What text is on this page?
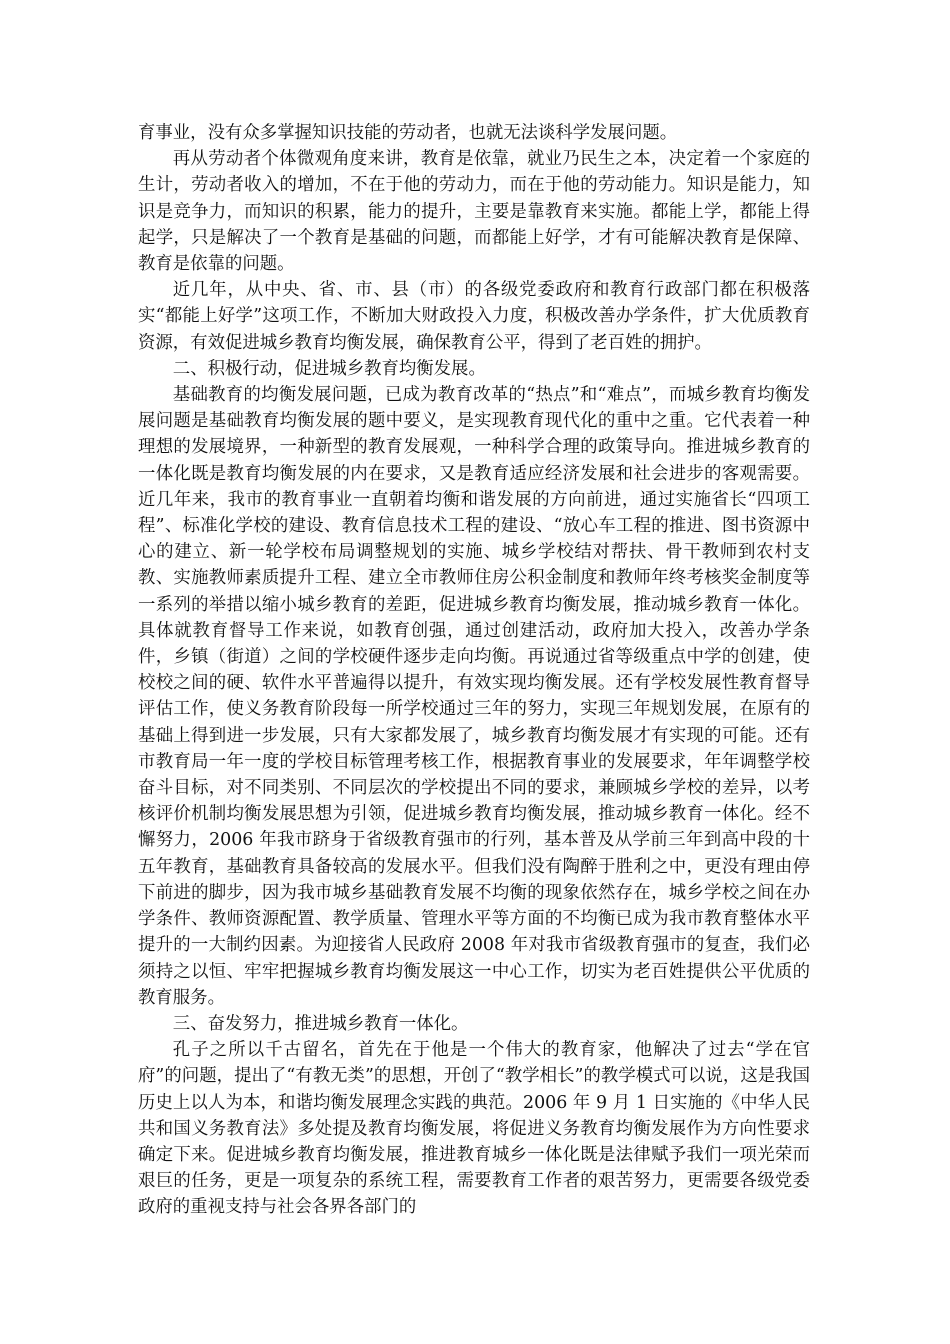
育事业，没有众多掌握知识技能的劳动者，也就无法谈科学发展问题。

再从劳动者个体微观角度来讲，教育是依靠，就业乃民生之本，决定着一个家庭的生计，劳动者收入的增加，不在于他的劳动力，而在于他的劳动能力。知识是能力，知识是竞争力，而知识的积累，能力的提升，主要是靠教育来实施。都能上学，都能上得起学，只是解决了一个教育是基础的问题，而都能上好学，才有可能解决教育是保障、教育是依靠的问题。

近几年，从中央、省、市、县（市）的各级党委政府和教育行政部门都在积极落实“都能上好学”这项工作，不断加大财政投入力度，积极改善办学条件，扩大优质教育资源，有效促进城乡教育均衡发展，确保教育公平，得到了老百姓的拥护。

二、积极行动，促进城乡教育均衡发展。

基础教育的均衡发展问题，已成为教育改革的“热点”和“难点”，而城乡教育均衡发展问题是基础教育均衡发展的题中要义，是实现教育现代化的重中之重。它代表着一种理想的发展境界，一种新型的教育发展观，一种科学合理的政策导向。推进城乡教育的一体化既是教育均衡发展的内在要求，又是教育适应经济发展和社会进步的客观需要。近几年来，我市的教育事业一直朝着均衡和谐发展的方向前进，通过实施省长“四项工程”、标准化学校的建设、教育信息技术工程的建设、“放心车工程的推进、图书资源中心的建立、新一轮学校布局调整规划的实施、城乡学校结对帮扶、骨干教师到农村支教、实施教师素质提升工程、建立全市教师住房公积金制度和教师年终考核奖金制度等一系列的举措以缩小城乡教育的差距，促进城乡教育均衡发展，推动城乡教育一体化。具体就教育督导工作来说，如教育创强，通过创建活动，政府加大投入，改善办学条件，乡镇（街道）之间的学校硬件逐步走向均衡。再说通过省等级重点中学的创建，使校校之间的硬、软件水平普遍得以提升，有效实现均衡发展。还有学校发展性教育督导评估工作，使义务教育阶段每一所学校通过三年的努力，实现三年规划发展，在原有的基础上得到进一步发展，只有大家都发展了，城乡教育均衡发展才有实现的可能。还有市教育局一年一度的学校目标管理考核工作，根据教育事业的发展要求，年年调整学校奋斗目标，对不同类别、不同层次的学校提出不同的要求，兼顾城乡学校的差异，以考核评价机制均衡发展思想为引领，促进城乡教育均衡发展，推动城乡教育一体化。经不懈努力，2006 年我市跻身于省级教育强市的行列，基本普及从学前三年到高中段的十五年教育，基础教育具备较高的发展水平。但我们没有陶醉于胜利之中，更没有理由停下前进的脚步，因为我市城乡基础教育发展不均衡的现象依然存在，城乡学校之间在办学条件、教师资源配置、教学质量、管理水平等方面的不均衡已成为我市教育整体水平提升的一大制约因素。为迎接省人民政府 2008 年对我市省级教育强市的复查，我们必须持之以恒、牢牢把握城乡教育均衡发展这一中心工作，切实为老百姓提供公平优质的教育服务。

三、奋发努力，推进城乡教育一体化。

孔子之所以千古留名，首先在于他是一个伟大的教育家，他解决了过去“学在官府”的问题，提出了“有教无类”的思想，开创了“教学相长”的教学模式可以说，这是我国历史上以人为本，和谐均衡发展理念实践的典范。2006 年 9 月 1 日实施的《中华人民共和国义务教育法》多处提及教育均衡发展，将促进义务教育均衡发展作为方向性要求确定下来。促进城乡教育均衡发展，推进教育城乡一体化既是法律赋予我们一项光荣而艰巨的任务，更是一项复杂的系统工程，需要教育工作者的艰苦努力，更需要各级党委政府的重视支持与社会各界各部门的
